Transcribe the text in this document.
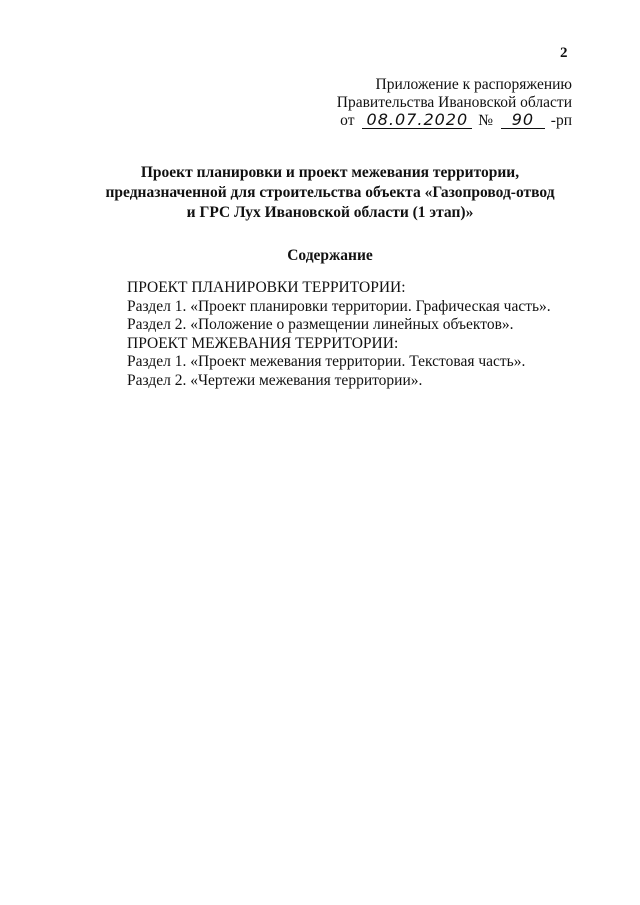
2
Приложение к распоряжению
Правительства Ивановской области
от 08.07.2020 № 90 -рп
Проект планировки и проект межевания территории,
предназначенной для строительства объекта «Газопровод-отвод
и ГРС Лух Ивановской области (1 этап)»
Содержание
ПРОЕКТ ПЛАНИРОВКИ ТЕРРИТОРИИ:
Раздел 1. «Проект планировки территории. Графическая часть».
Раздел 2. «Положение о размещении линейных объектов».
ПРОЕКТ МЕЖЕВАНИЯ ТЕРРИТОРИИ:
Раздел 1. «Проект межевания территории. Текстовая часть».
Раздел 2. «Чертежи межевания территории».
